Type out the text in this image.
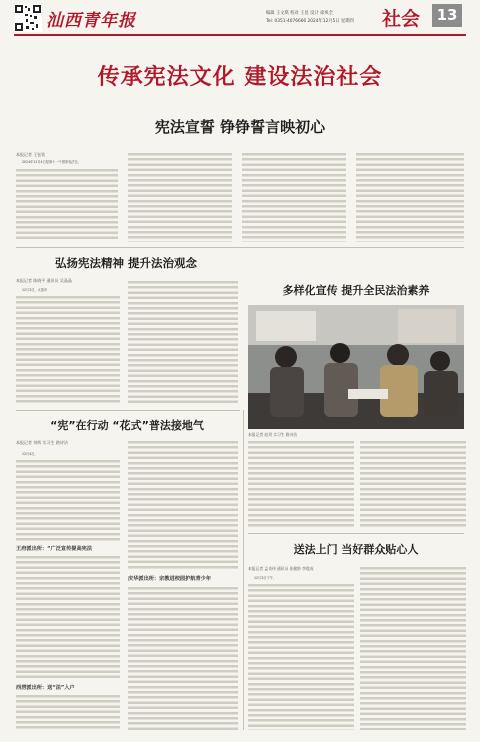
汕西青年报	编辑 王文琪 校对 王昆 设计 徐凤全
Tel: 0351-4076666 2024年12月5日 星期四 社会	13
传承宪法文化 建设法治社会
宪法宣誓 铮铮誓言映初心
本报记者 王钰钦
2024年12月4日是第十一个国家宪法日。
弘扬宪法精神 提升法治观念
本报记者 陈晓平 通讯员 吴晶晶
12月3日，太原市	多样化宣传 提升全民法治素养
本报记者 赵玥 实习生 路诗洁
“宪”在行动 “花式”普法接地气
本报记者 刘辉 实习生 路诗洁
12月4日，
王府派出所：“广泛宣传提高宪法
西涝派出所：送“法”入户
庆华派出所：宗教进校园护航青少年
送法上门 当好群众贴心人
本报记者 孟奇伟 通讯员 张健龄 李俊成
12月3日下午，
